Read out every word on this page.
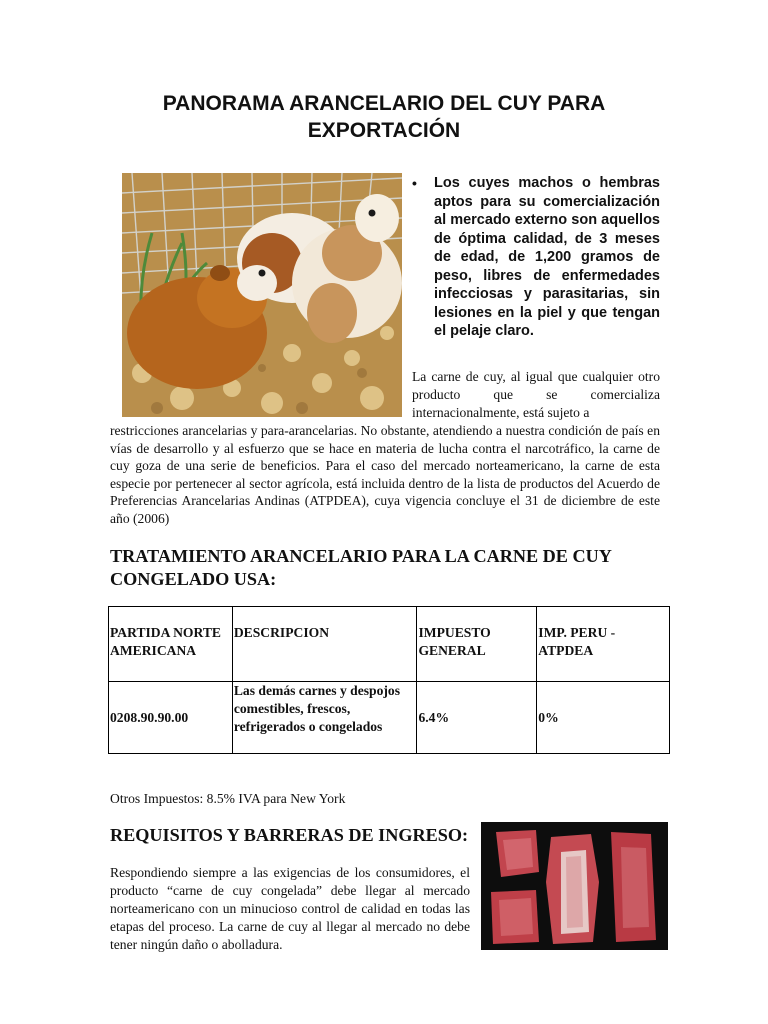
PANORAMA ARANCELARIO DEL CUY PARA EXPORTACIÓN
• Los cuyes machos o hembras aptos para su comercialización al mercado externo son aquellos de óptima calidad, de 3 meses de edad, de 1,200 gramos de peso, libres de enfermedades infecciosas y parasitarias, sin lesiones en la piel y que tengan el pelaje claro.
La carne de cuy, al igual que cualquier otro producto que se comercializa internacionalmente, está sujeto a
restricciones arancelarias y para-arancelarias. No obstante, atendiendo a nuestra condición de país en vías de desarrollo y al esfuerzo que se hace en materia de lucha contra el narcotráfico, la carne de cuy goza de una serie de beneficios. Para el caso del mercado norteamericano, la carne de esta especie por pertenecer al sector agrícola, está incluida dentro de la lista de productos del Acuerdo de Preferencias Arancelarias Andinas (ATPDEA), cuya vigencia concluye el 31 de diciembre de este año (2006)
TRATAMIENTO ARANCELARIO PARA LA CARNE DE CUY CONGELADO USA:
PARTIDA NORTE AMERICANA	DESCRIPCION	IMPUESTO GENERAL	IMP. PERU - ATPDEA
0208.90.90.00	Las demás carnes y despojos comestibles, frescos, refrigerados o congelados	6.4%	0%
Otros Impuestos: 8.5% IVA para New York
REQUISITOS Y BARRERAS DE INGRESO:
Respondiendo siempre a las exigencias de los consumidores, el producto “carne de cuy congelada” debe llegar al mercado norteamericano con un minucioso control de calidad en todas las etapas del proceso. La carne de cuy al llegar al mercado no debe tener ningún daño o abolladura.
